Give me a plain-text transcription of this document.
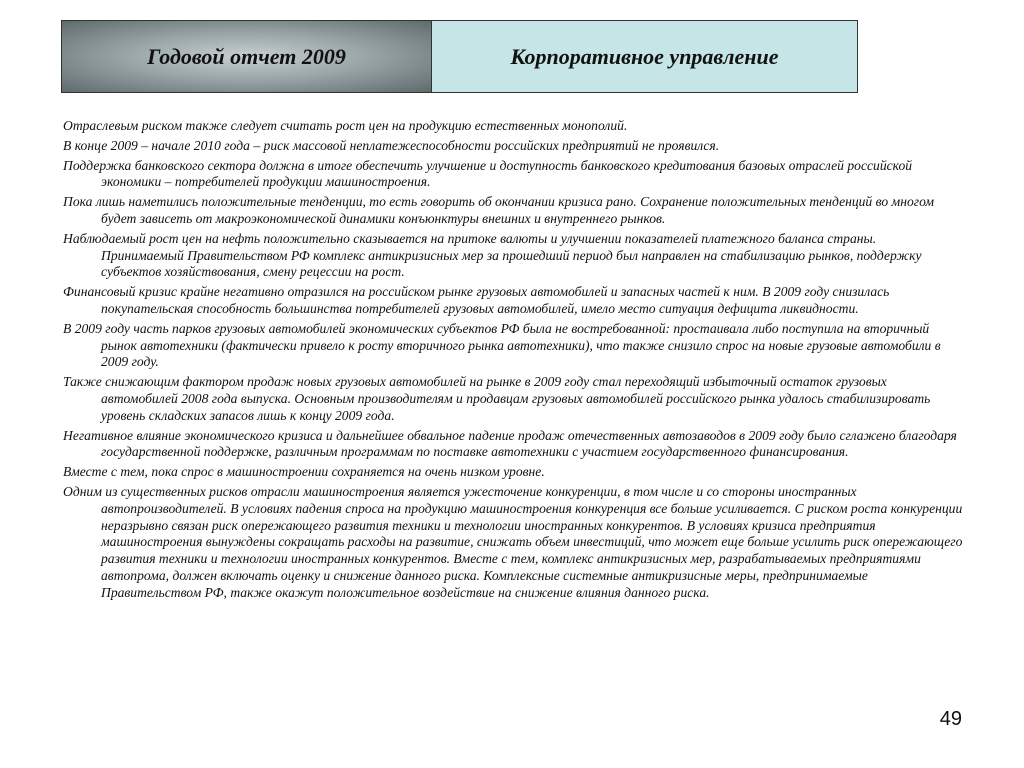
Годовой отчет 2009	Корпоративное управление

Отраслевым риском также следует считать рост цен на продукцию естественных монополий.

В конце 2009 – начале 2010 года – риск массовой неплатежеспособности российских предприятий не проявился.

Поддержка банковского сектора должна в итоге обеспечить улучшение и доступность банковского кредитования базовых отраслей российской экономики – потребителей продукции машиностроения.

Пока лишь наметились положительные тенденции, то есть говорить об окончании кризиса рано. Сохранение положительных тенденций во многом будет зависеть от макроэкономической динамики конъюнктуры внешних и внутреннего рынков.

Наблюдаемый рост цен на нефть положительно сказывается на притоке валюты и улучшении показателей платежного баланса страны.
Принимаемый Правительством РФ комплекс антикризисных мер за прошедший период был направлен на стабилизацию рынков, поддержку субъектов хозяйствования, смену рецессии на рост.

Финансовый кризис крайне негативно отразился на российском рынке грузовых автомобилей и запасных частей к ним. В 2009 году снизилась покупательская способность большинства потребителей грузовых автомобилей, имело место ситуация дефицита ликвидности.

В 2009 году часть парков грузовых автомобилей экономических субъектов РФ была не востребованной: простаивала либо поступила на вторичный рынок автотехники (фактически привело к росту вторичного рынка автотехники), что также снизило спрос на новые грузовые автомобили в 2009 году.

Также снижающим фактором продаж новых грузовых автомобилей на рынке в 2009 году стал переходящий избыточный остаток грузовых автомобилей 2008 года выпуска. Основным производителям и продавцам грузовых автомобилей российского рынка удалось стабилизировать уровень складских запасов лишь к концу 2009 года.

Негативное влияние экономического кризиса и дальнейшее обвальное падение продаж отечественных автозаводов в 2009 году было сглажено благодаря государственной поддержке, различным программам по поставке автотехники с участием государственного финансирования.

Вместе с тем, пока спрос в машиностроении сохраняется на очень низком уровне.

Одним из существенных рисков отрасли машиностроения является ужесточение конкуренции, в том числе и со стороны иностранных автопроизводителей. В условиях падения спроса на продукцию машиностроения конкуренция все больше усиливается. С риском роста конкуренции неразрывно связан риск опережающего развития техники и технологии иностранных конкурентов. В условиях кризиса предприятия машиностроения вынуждены сокращать расходы на развитие, снижать объем инвестиций, что может еще больше усилить риск опережающего развития техники и технологии иностранных конкурентов. Вместе с тем, комплекс антикризисных мер, разрабатываемых предприятиями автопрома, должен включать оценку и снижение данного риска. Комплексные системные антикризисные меры, предпринимаемые Правительством РФ, также окажут положительное воздействие на снижение влияния данного риска.

49
